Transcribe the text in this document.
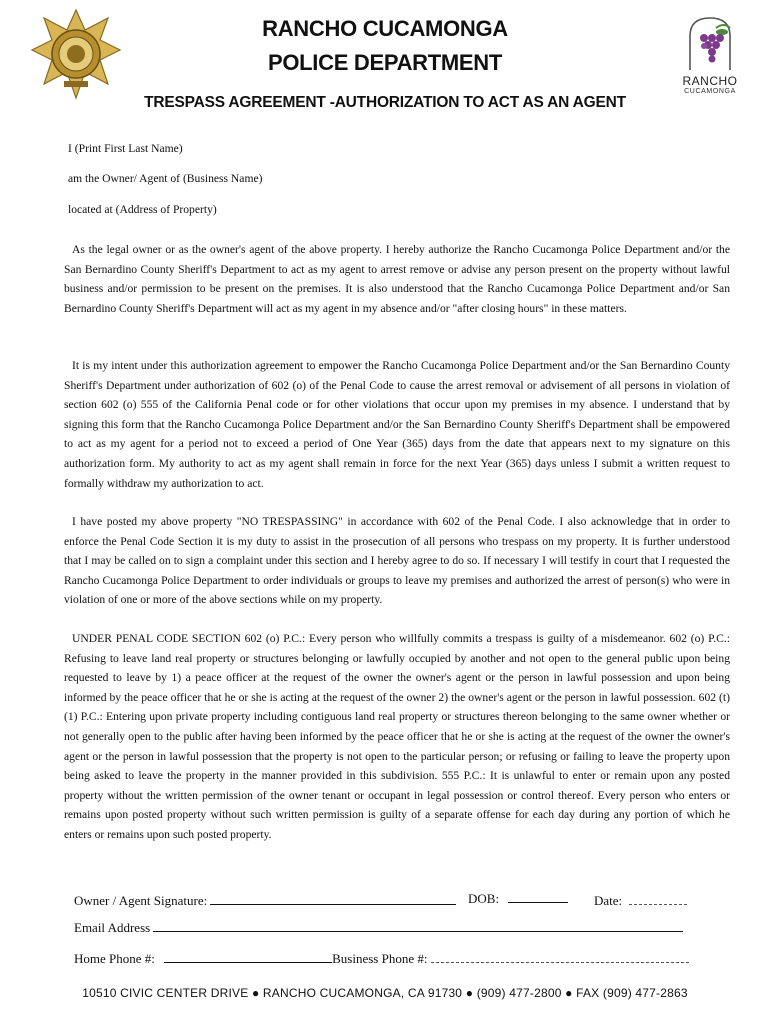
RANCHO
CUCAMONGA
RANCHO CUCAMONGA
POLICE DEPARTMENT
TRESPASS AGREEMENT -AUTHORIZATION TO ACT AS AN AGENT
I (Print First Last Name)
am the Owner/ Agent of (Business Name)
located at (Address of Property)

As the legal owner or as the owner's agent of the above property. I hereby authorize the Rancho Cucamonga Police Department and/or the San Bernardino County Sheriff's Department to act as my agent to arrest remove or advise any person present on the property without lawful business and/or permission to be present on the premises. It is also understood that the Rancho Cucamonga Police Department and/or San Bernardino County Sheriff's Department will act as my agent in my absence and/or "after closing hours" in these matters.

It is my intent under this authorization agreement to empower the Rancho Cucamonga Police Department and/or the San Bernardino County Sheriff's Department under authorization of 602 (o) of the Penal Code to cause the arrest removal or advisement of all persons in violation of section 602 (o) 555 of the California Penal code or for other violations that occur upon my premises in my absence. I understand that by signing this form that the Rancho Cucamonga Police Department and/or the San Bernardino County Sheriff's Department shall be empowered to act as my agent for a period not to exceed a period of One Year (365) days from the date that appears next to my signature on this authorization form. My authority to act as my agent shall remain in force for the next Year (365) days unless I submit a written request to formally withdraw my authorization to act.

I have posted my above property "NO TRESPASSING" in accordance with 602 of the Penal Code. I also acknowledge that in order to enforce the Penal Code Section it is my duty to assist in the prosecution of all persons who trespass on my property. It is further understood that I may be called on to sign a complaint under this section and I hereby agree to do so. If necessary I will testify in court that I requested the Rancho Cucamonga Police Department to order individuals or groups to leave my premises and authorized the arrest of person(s) who were in violation of one or more of the above sections while on my property.

UNDER PENAL CODE SECTION 602 (o) P.C.: Every person who willfully commits a trespass is guilty of a misdemeanor. 602 (o) P.C.: Refusing to leave land real property or structures belonging or lawfully occupied by another and not open to the general public upon being requested to leave by 1) a peace officer at the request of the owner the owner's agent or the person in lawful possession and upon being informed by the peace officer that he or she is acting at the request of the owner 2) the owner's agent or the person in lawful possession. 602 (t)(1) P.C.: Entering upon private property including contiguous land real property or structures thereon belonging to the same owner whether or not generally open to the public after having been informed by the peace officer that he or she is acting at the request of the owner the owner's agent or the person in lawful possession that the property is not open to the particular person; or refusing or failing to leave the property upon being asked to leave the property in the manner provided in this subdivision. 555 P.C.: It is unlawful to enter or remain upon any posted property without the written permission of the owner tenant or occupant in legal possession or control thereof. Every person who enters or remains upon posted property without such written permission is guilty of a separate offense for each day during any portion of which he enters or remains upon such posted property.

Owner / Agent Signature:	DOB:	Date:
Email Address
Home Phone #:	Business Phone #:
10510 CIVIC CENTER DRIVE ● RANCHO CUCAMONGA, CA 91730 ● (909) 477-2800 ● FAX (909) 477-2863
